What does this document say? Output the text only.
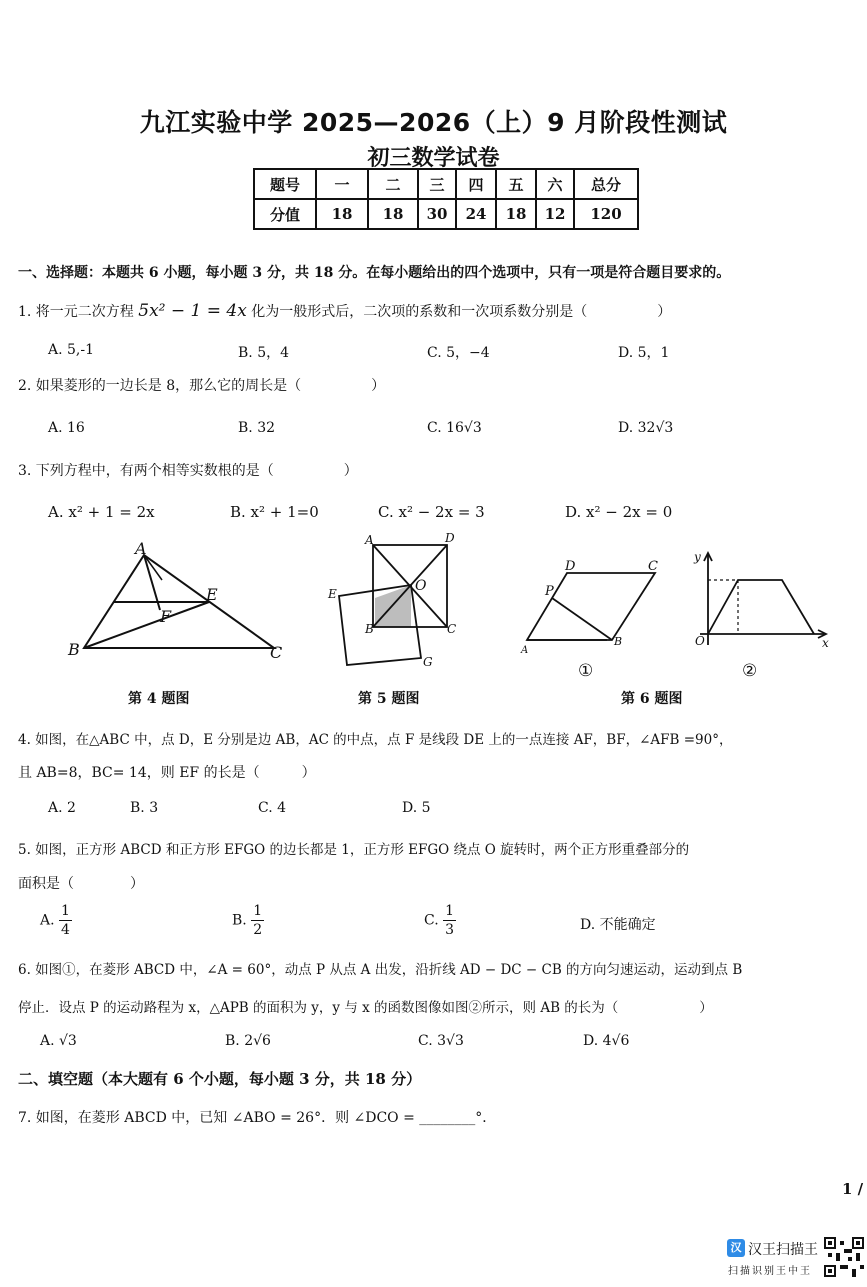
九江实验中学 2025—2026（上）9 月阶段性测试
初三数学试卷
题号	一	二	三	四	五	六	总分
分值	18	18	30	24	18	12	120
一、选择题：本题共 6 小题，每小题 3 分，共 18 分。在每小题给出的四个选项中，只有一项是符合题目要求的。
1. 将一元二次方程 5x² − 1 = 4x 化为一般形式后，二次项的系数和一次项系数分别是（　　　　　）
A. 5,-1	B. 5，4	C. 5，−4	D. 5，1
2. 如果菱形的一边长是 8，那么它的周长是（　　　　　）
A. 16	B. 32	C. 16√3	D. 32√3
3. 下列方程中，有两个相等实数根的是（　　　　　）
A. x² + 1 = 2x	B. x² + 1=0	C. x² − 2x = 3	D. x² − 2x = 0
A
B	C
E
F
A	D
O
E
B	C
G
D	C
P
A
B
y
O	x
①	②
第 4 题图	第 5 题图	第 6 题图
4. 如图，在△ABC 中，点 D，E 分别是边 AB，AC 的中点，点 F 是线段 DE 上的一点连接 AF，BF，∠AFB =90°，
且 AB=8，BC= 14，则 EF 的长是（　　　）
A. 2	B. 3	C. 4	D. 5
5. 如图，正方形 ABCD 和正方形 EFGO 的边长都是 1，正方形 EFGO 绕点 O 旋转时，两个正方形重叠部分的
面积是（　　　　）
A. $\frac{1}{4}$	B. $\frac{1}{2}$	C. $\frac{1}{3}$	D. 不能确定
6. 如图①，在菱形 ABCD 中，∠A = 60°，动点 P 从点 A 出发，沿折线 AD − DC − CB 的方向匀速运动，运动到点 B
停止．设点 P 的运动路程为 x，△APB 的面积为 y，y 与 x 的函数图像如图②所示，则 AB 的长为（　　　　　　）
A. √3	B. 2√6	C. 3√3	D. 4√6
二、填空题（本大题有 6 个小题，每小题 3 分，共 18 分）
7. 如图，在菱形 ABCD 中，已知 ∠ABO = 26°．则 ∠DCO = ________°．
1 /
汉 汉王扫描王
扫描识别王中王
